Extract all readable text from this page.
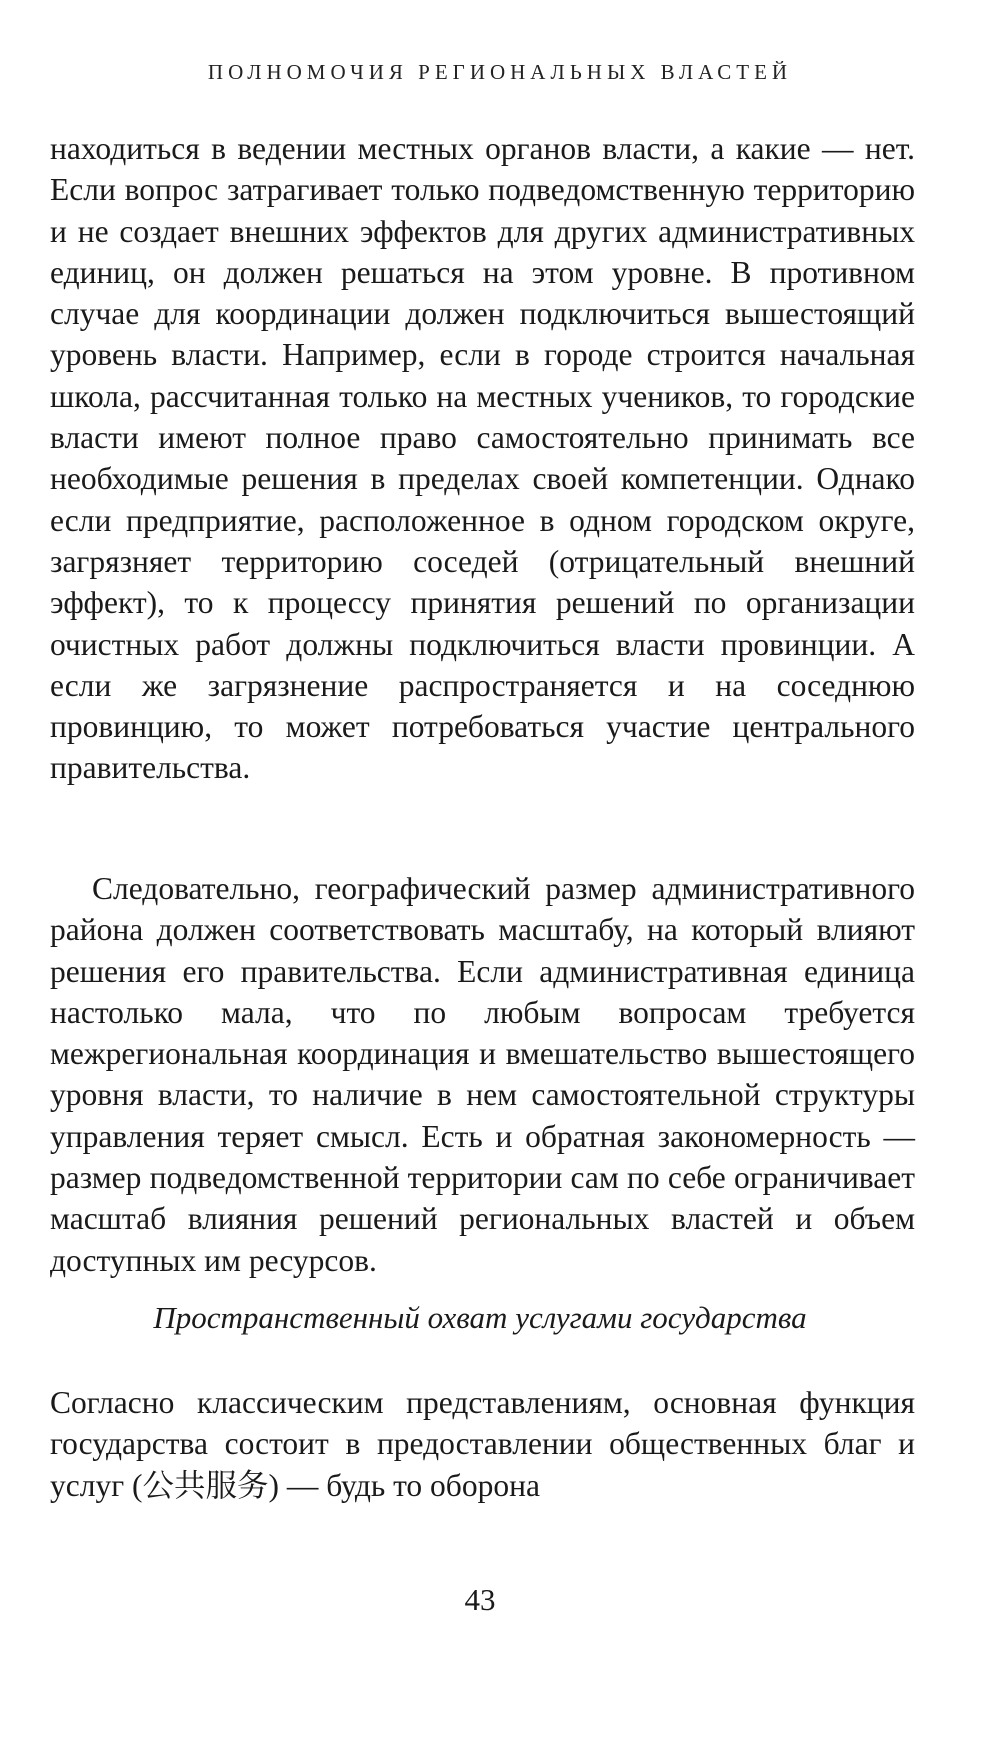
ПОЛНОМОЧИЯ РЕГИОНАЛЬНЫХ ВЛАСТЕЙ

находиться в ведении местных органов власти, а какие — нет. Если вопрос затрагивает только подведомственную территорию и не создает внешних эффектов для других административных единиц, он должен решаться на этом уровне. В противном случае для координации должен подключиться вышестоящий уровень власти. Например, если в городе строится начальная школа, рассчитанная только на местных учеников, то городские власти имеют полное право самостоятельно принимать все необходимые решения в пределах своей компетенции. Однако если предприятие, расположенное в одном городском округе, загрязняет территорию соседей (отрицательный внешний эффект), то к процессу принятия решений по организации очистных работ должны подключиться власти провинции. А если же загрязнение распространяется и на соседнюю провинцию, то может потребоваться участие центрального правительства.

Следовательно, географический размер административного района должен соответствовать масштабу, на который влияют решения его правительства. Если административная единица настолько мала, что по любым вопросам требуется межрегиональная координация и вмешательство вышестоящего уровня власти, то наличие в нем самостоятельной структуры управления теряет смысл. Есть и обратная закономерность — размер подведомственной территории сам по себе ограничивает масштаб влияния решений региональных властей и объем доступных им ресурсов.

Пространственный охват услугами государства

Согласно классическим представлениям, основная функция государства состоит в предоставлении общественных благ и услуг (公共服务) — будь то оборона

43
